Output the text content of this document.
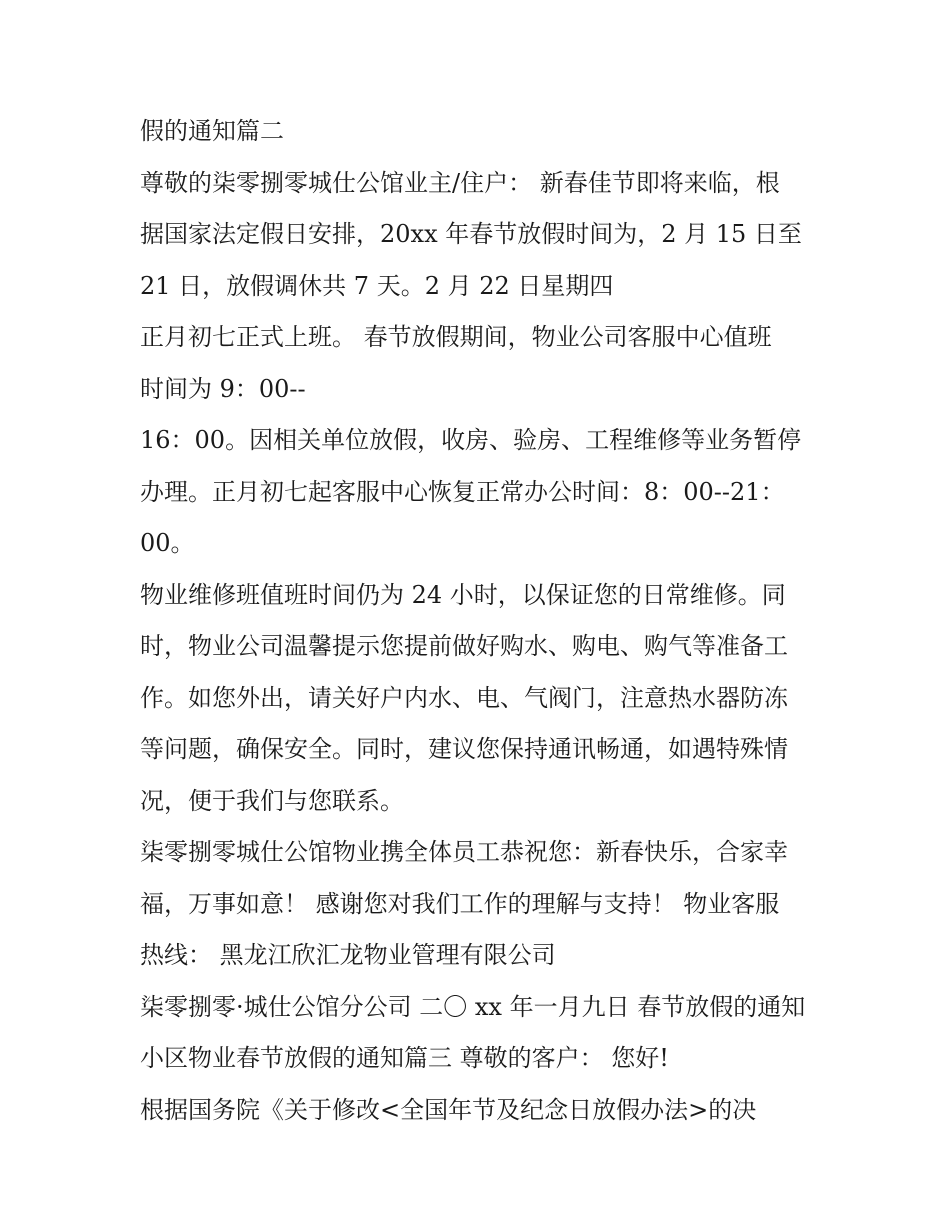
假的通知篇二
尊敬的柒零捌零城仕公馆业主/住户： 新春佳节即将来临，根
据国家法定假日安排，20xx 年春节放假时间为，2 月 15 日至
21 日，放假调休共 7 天。2 月 22 日星期四
正月初七正式上班。 春节放假期间，物业公司客服中心值班
时间为 9：00--
16：00。因相关单位放假，收房、验房、工程维修等业务暂停
办理。正月初七起客服中心恢复正常办公时间：8：00--21：
00。
物业维修班值班时间仍为 24 小时，以保证您的日常维修。同
时，物业公司温馨提示您提前做好购水、购电、购气等准备工
作。如您外出，请关好户内水、电、气阀门，注意热水器防冻
等问题，确保安全。同时，建议您保持通讯畅通，如遇特殊情
况，便于我们与您联系。
柒零捌零城仕公馆物业携全体员工恭祝您：新春快乐，合家幸
福，万事如意！ 感谢您对我们工作的理解与支持！ 物业客服
热线： 黑龙江欣汇龙物业管理有限公司
柒零捌零·城仕公馆分公司 二〇 xx 年一月九日 春节放假的通知
小区物业春节放假的通知篇三 尊敬的客户： 您好!
根据国务院《关于修改<全国年节及纪念日放假办法>的决
